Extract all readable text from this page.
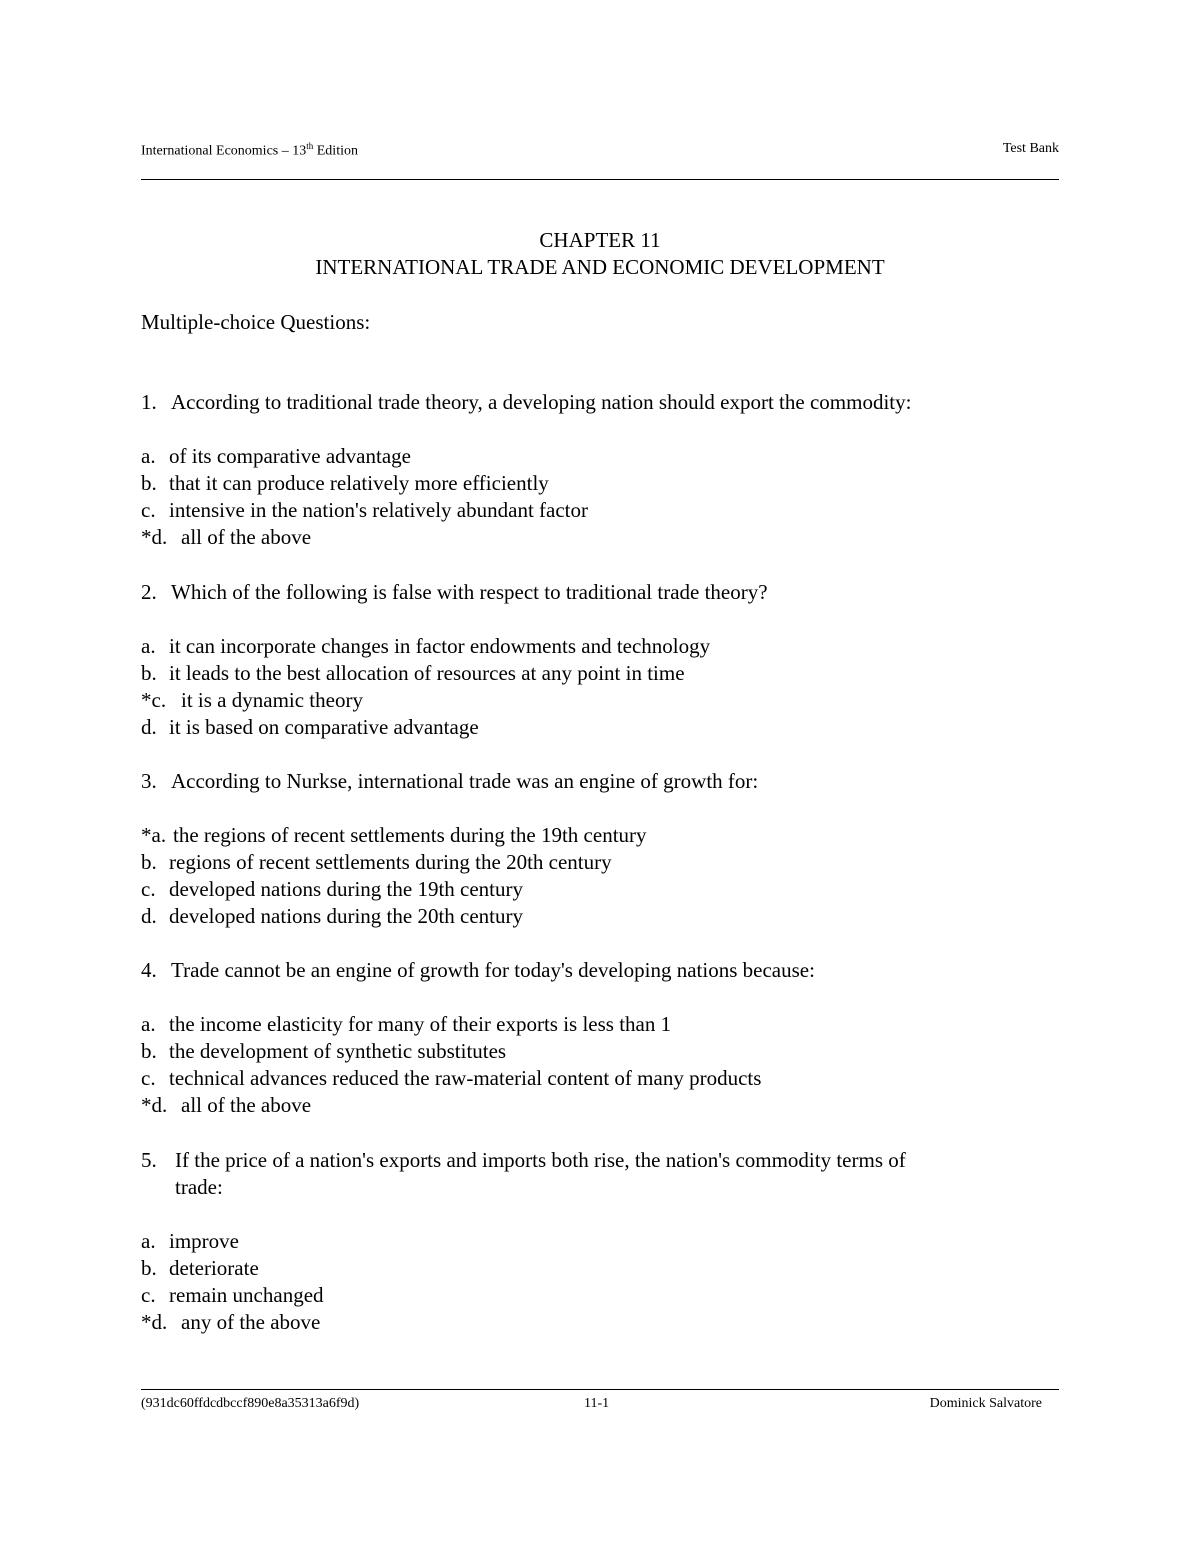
International Economics – 13th Edition	Test Bank
CHAPTER 11
INTERNATIONAL TRADE AND ECONOMIC DEVELOPMENT
Multiple-choice Questions:
1. According to traditional trade theory, a developing nation should export the commodity:
a. of its comparative advantage
b. that it can produce relatively more efficiently
c. intensive in the nation's relatively abundant factor
*d. all of the above
2. Which of the following is false with respect to traditional trade theory?
a. it can incorporate changes in factor endowments and technology
b. it leads to the best allocation of resources at any point in time
*c. it is a dynamic theory
d. it is based on comparative advantage
3. According to Nurkse, international trade was an engine of growth for:
*a. the regions of recent settlements during the 19th century
b. regions of recent settlements during the 20th century
c. developed nations during the 19th century
d. developed nations during the 20th century
4. Trade cannot be an engine of growth for today's developing nations because:
a. the income elasticity for many of their exports is less than 1
b. the development of synthetic substitutes
c. technical advances reduced the raw-material content of many products
*d. all of the above
5. If the price of a nation's exports and imports both rise, the nation's commodity terms of
trade:
a. improve
b. deteriorate
c. remain unchanged
*d. any of the above
(931dc60ffdcdbccf890e8a35313a6f9d)	11-1	Dominick Salvatore
